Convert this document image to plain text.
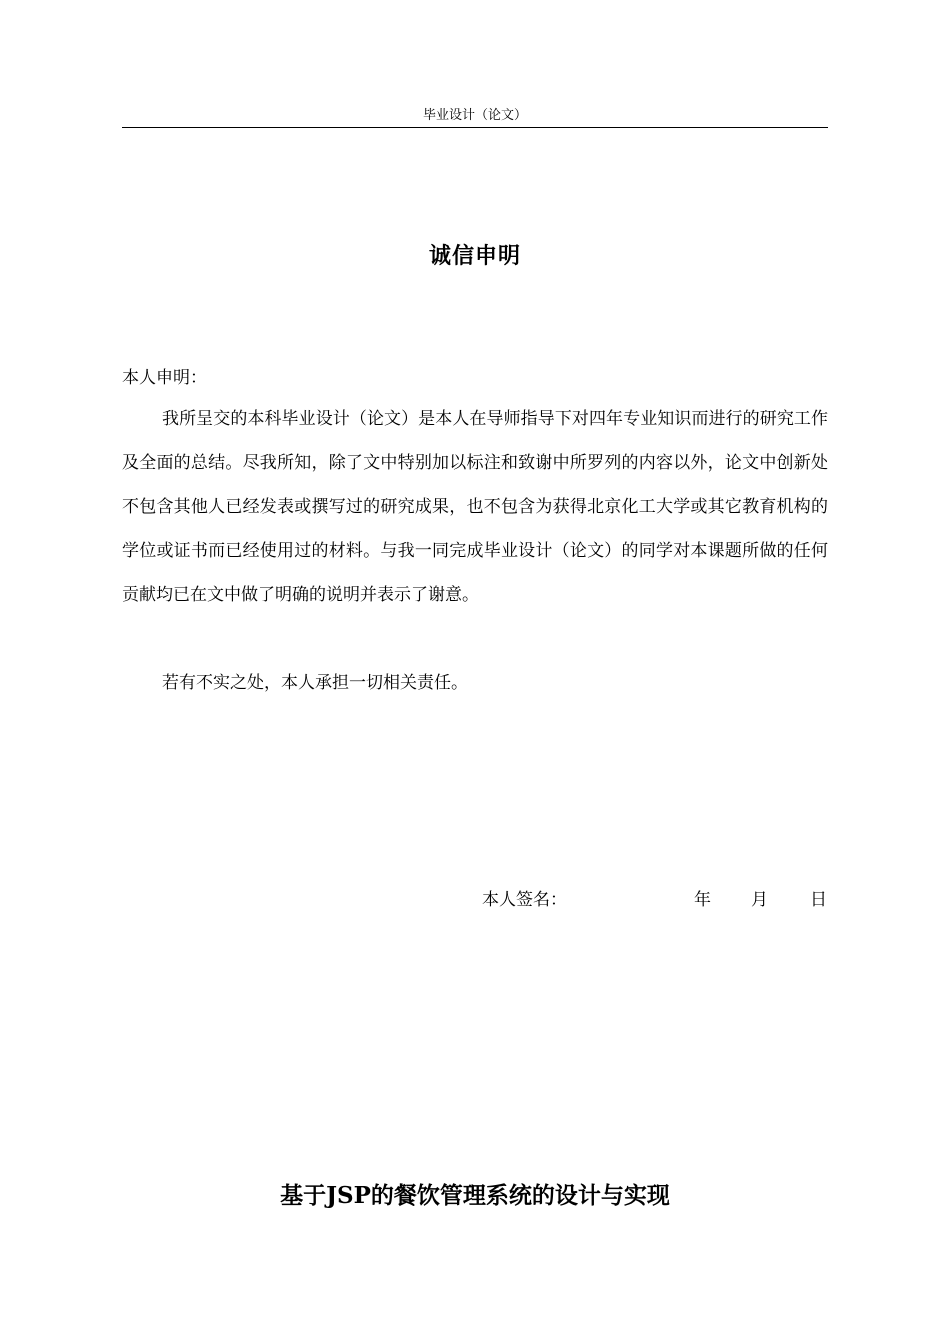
毕业设计（论文）
诚信申明
本人申明：
我所呈交的本科毕业设计（论文）是本人在导师指导下对四年专业知识而进行的研究工作及全面的总结。尽我所知，除了文中特别加以标注和致谢中所罗列的内容以外，论文中创新处不包含其他人已经发表或撰写过的研究成果，也不包含为获得北京化工大学或其它教育机构的学位或证书而已经使用过的材料。与我一同完成毕业设计（论文）的同学对本课题所做的任何贡献均已在文中做了明确的说明并表示了谢意。
若有不实之处，本人承担一切相关责任。
本人签名：	年 月 日
基于JSP的餐饮管理系统的设计与实现
